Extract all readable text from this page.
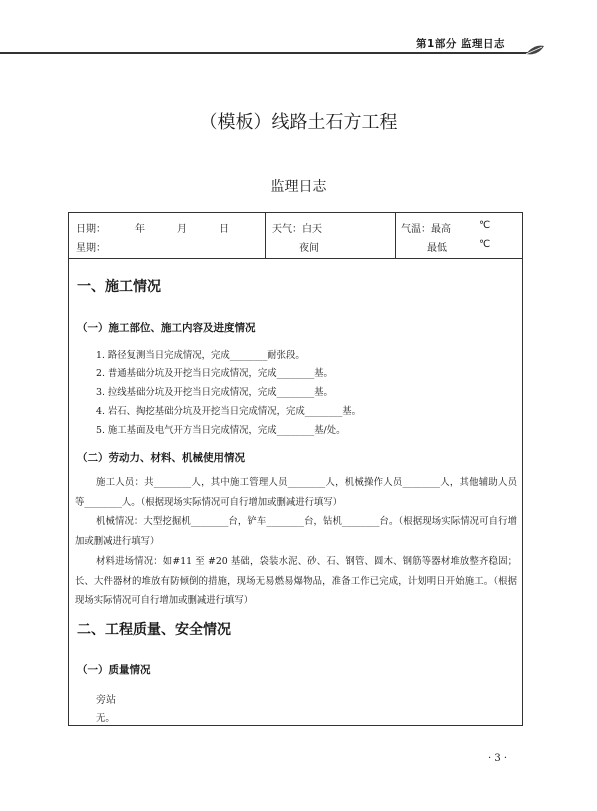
第1部分 监理日志
（模板）线路土石方工程
监理日志
日期：	年	月	日
星期：
天气：白天
夜间
气温：最高	℃
最低	℃
一、施工情况
（一）施工部位、施工内容及进度情况
1. 路径复测当日完成情况，完成________耐张段。
2. 普通基础分坑及开挖当日完成情况，完成________基。
3. 拉线基础分坑及开挖当日完成情况，完成________基。
4. 岩石、掏挖基础分坑及开挖当日完成情况，完成________基。
5. 施工基面及电气开方当日完成情况，完成________基/处。
（二）劳动力、材料、机械使用情况
施工人员：共________人，其中施工管理人员________人，机械操作人员________人，其他辅助人员等________人。（根据现场实际情况可自行增加或删减进行填写）
机械情况：大型挖掘机________台，铲车________台，钻机________台。（根据现场实际情况可自行增加或删减进行填写）
材料进场情况：如#11 至 #20 基础，袋装水泥、砂、石、钢管、圆木、钢筋等器材堆放整齐稳固；长、大件器材的堆放有防倾倒的措施，现场无易燃易爆物品，准备工作已完成，计划明日开始施工。（根据现场实际情况可自行增加或删减进行填写）
二、工程质量、安全情况
（一）质量情况
旁站
无。
· 3 ·
